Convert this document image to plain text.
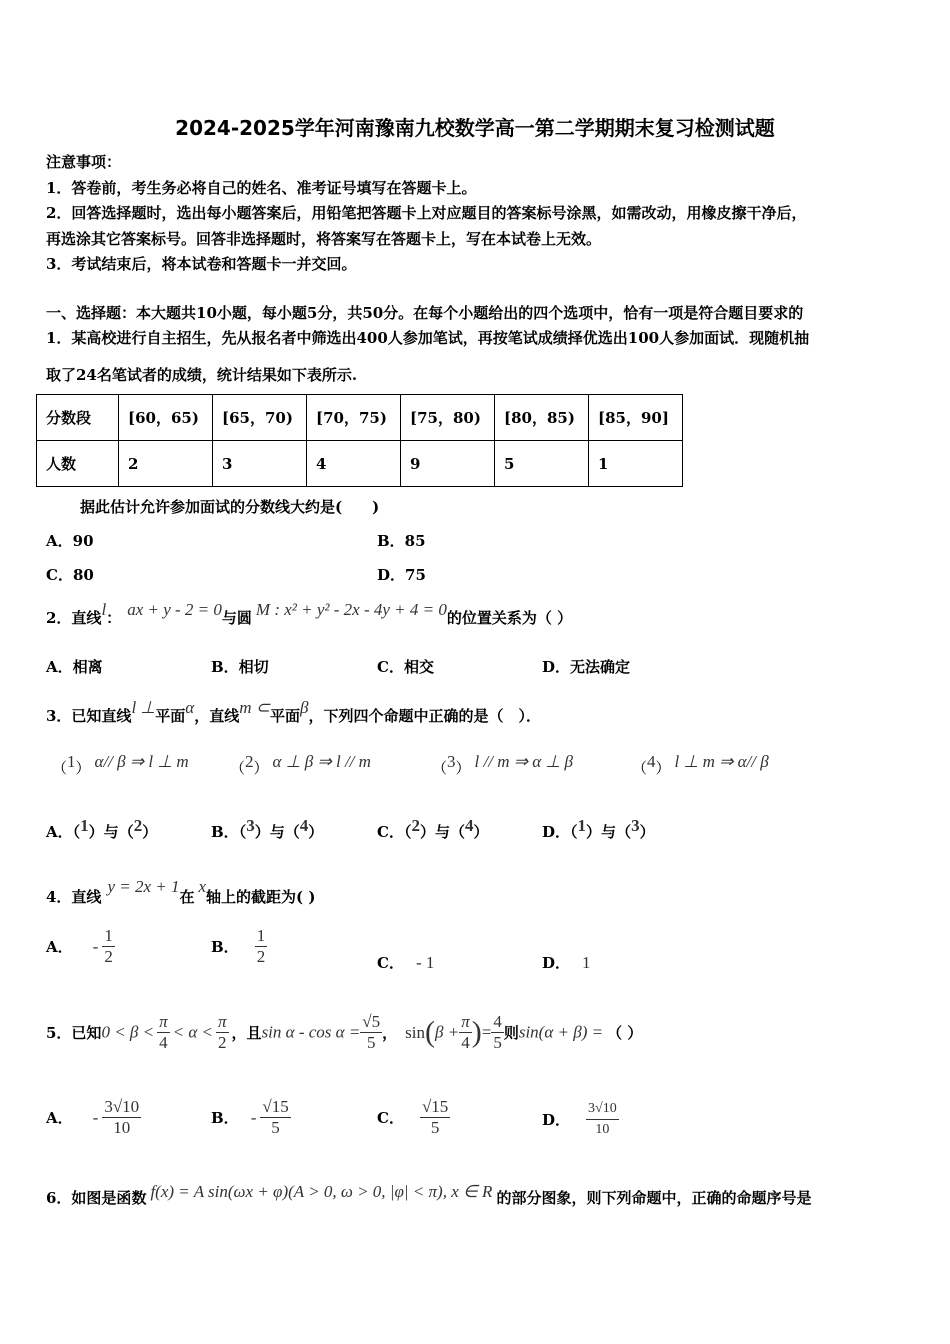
2024-2025学年河南豫南九校数学高一第二学期期末复习检测试题
注意事项：
1．答卷前，考生务必将自己的姓名、准考证号填写在答题卡上。
2．回答选择题时，选出每小题答案后，用铅笔把答题卡上对应题目的答案标号涂黑，如需改动，用橡皮擦干净后，
再选涂其它答案标号。回答非选择题时，将答案写在答题卡上，写在本试卷上无效。
3．考试结束后，将本试卷和答题卡一并交回。
一、选择题：本大题共10小题，每小题5分，共50分。在每个小题给出的四个选项中，恰有一项是符合题目要求的
1．某高校进行自主招生，先从报名者中筛选出400人参加笔试，再按笔试成绩择优选出100人参加面试．现随机抽
取了24名笔试者的成绩，统计结果如下表所示.
分数段	[60，65)	[65，70)	[70，75)	[75，80)	[80，85)	[85，90]
人数	2	3	4	9	5	1
据此估计允许参加面试的分数线大约是(　　)
A．90	B．85
C．80	D．75
2．直线l： ax + y - 2 = 0与圆 M : x² + y² - 2x - 4y + 4 = 0的位置关系为（ ）
A．相离	B．相切	C．相交	D．无法确定
3．已知直线l ⊥平面α，直线m ⊂平面β，下列四个命题中正确的是（　）．
（1） α// β ⇒ l ⊥ m	（2） α ⊥ β ⇒ l // m	（3） l // m ⇒ α ⊥ β	（4） l ⊥ m ⇒ α// β
A．（1）与（2）	B．（3）与（4）	C．（2）与（4）	D．（1）与（3）
4．直线y = 2x + 1在x轴上的截距为( )
A． - $\frac{1}{2}$	B． $\frac{1}{2}$	C． - 1	D． 1
5．已知$0 < \beta < \frac{\pi}{4} < \alpha < \frac{\pi}{2}$ ，且$\sin \alpha - \cos \alpha = \frac{√5}{5}$ ， $\sin(\beta + \frac{\pi}{4}$ )= $\frac{4}{5}$ 则sin(α + β) = （ ）
A． - $\frac{3√10}{10}$	B． - $\frac{√15}{5}$	C． $\frac{√15}{5}$	D． $\frac{3√10}{10}$
6．如图是函数 f(x) = A sin(ωx + φ)(A > 0, ω > 0, |φ| < π), x ∈ R 的部分图象，则下列命题中，正确的命题序号是
